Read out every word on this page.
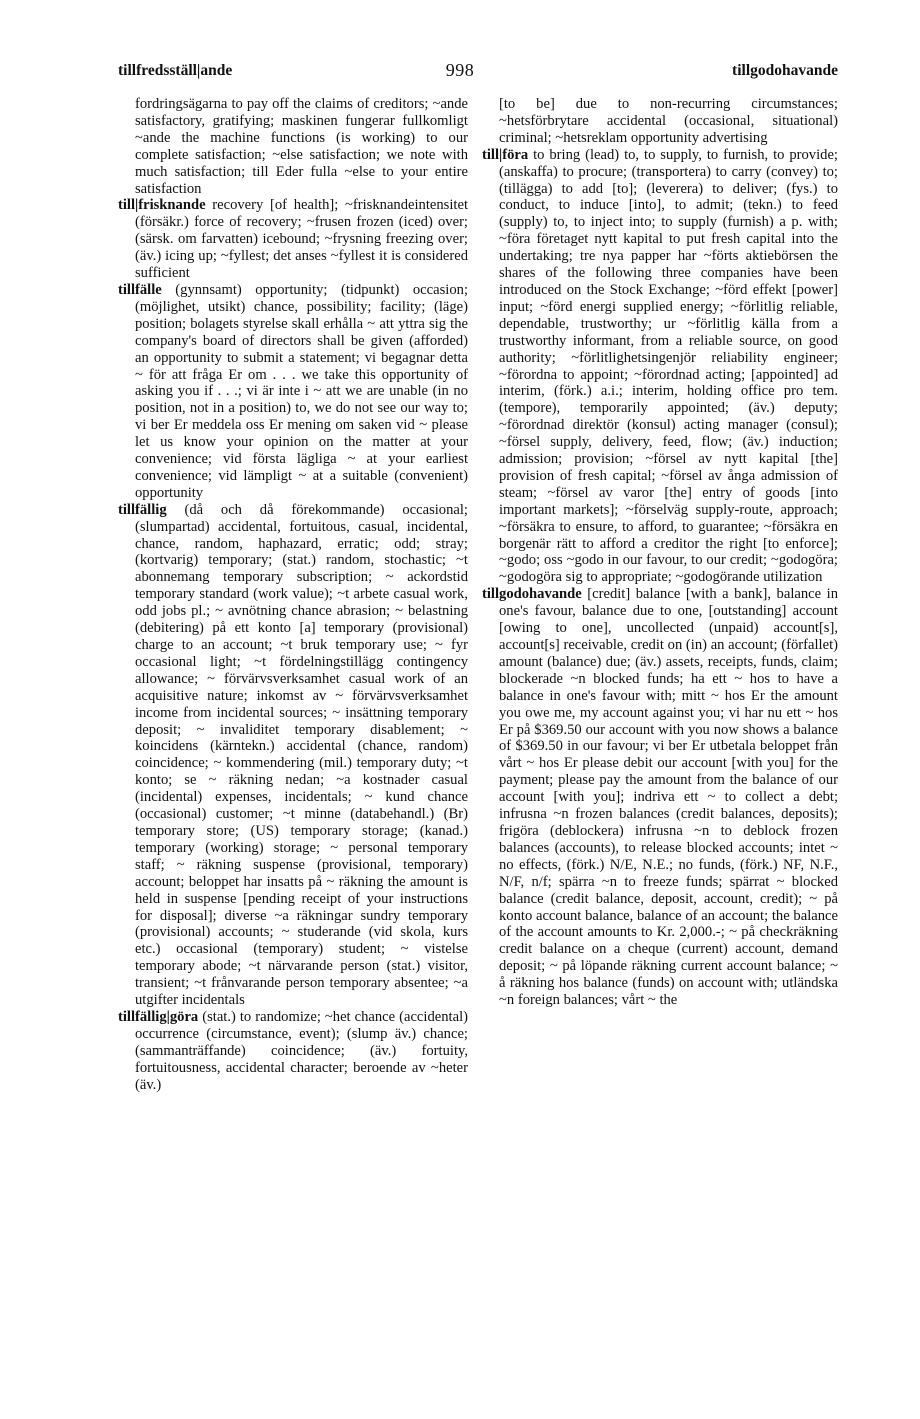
tillfredsställ|ande	998	tillgodohavande

fordringsägarna to pay off the claims of creditors; ~ande satisfactory, gratifying; maskinen fungerar fullkomligt ~ande the machine functions (is working) to our complete satisfaction; ~else satisfaction; we note with much satisfaction; till Eder fulla ~else to your entire satisfaction

till|frisknande recovery [of health]; ~frisknandeintensitet (försäkr.) force of recovery; ~frusen frozen (iced) over; (särsk. om farvatten) icebound; ~frysning freezing over; (äv.) icing up; ~fyllest; det anses ~fyllest it is considered sufficient

tillfälle (gynnsamt) opportunity; (tidpunkt) occasion; (möjlighet, utsikt) chance, possibility; facility; (läge) position; bolagets styrelse skall erhålla ~ att yttra sig the company's board of directors shall be given (afforded) an opportunity to submit a statement; vi begagnar detta ~ för att fråga Er om . . . we take this opportunity of asking you if . . .; vi är inte i ~ att we are unable (in no position, not in a position) to, we do not see our way to; vi ber Er meddela oss Er mening om saken vid ~ please let us know your opinion on the matter at your convenience; vid första lägliga ~ at your earliest convenience; vid lämpligt ~ at a suitable (convenient) opportunity

tillfällig (då och då förekommande) occasional; (slumpartad) accidental, fortuitous, casual, incidental, chance, random, haphazard, erratic; odd; stray; (kortvarig) temporary; (stat.) random, stochastic; ~t abonnemang temporary subscription; ~ ackordstid temporary standard (work value); ~t arbete casual work, odd jobs pl.; ~ avnötning chance abrasion; ~ belastning (debitering) på ett konto [a] temporary (provisional) charge to an account; ~t bruk temporary use; ~ fyr occasional light; ~t fördelningstillägg contingency allowance; ~ förvärvsverksamhet casual work of an acquisitive nature; inkomst av ~ förvärvsverksamhet income from incidental sources; ~ insättning temporary deposit; ~ invaliditet temporary disablement; ~ koincidens (kärntekn.) accidental (chance, random) coincidence; ~ kommendering (mil.) temporary duty; ~t konto; se ~ räkning nedan; ~a kostnader casual (incidental) expenses, incidentals; ~ kund chance (occasional) customer; ~t minne (databehandl.) (Br) temporary store; (US) temporary storage; (kanad.) temporary (working) storage; ~ personal temporary staff; ~ räkning suspense (provisional, temporary) account; beloppet har insatts på ~ räkning the amount is held in suspense [pending receipt of your instructions for disposal]; diverse ~a räkningar sundry temporary (provisional) accounts; ~ studerande (vid skola, kurs etc.) occasional (temporary) student; ~ vistelse temporary abode; ~t närvarande person (stat.) visitor, transient; ~t frånvarande person temporary absentee; ~a utgifter incidentals

tillfällig|göra (stat.) to randomize; ~het chance (accidental) occurrence (circumstance, event); (slump äv.) chance; (sammanträffande) coincidence; (äv.) fortuity, fortuitousness, accidental character; beroende av ~heter (äv.)

[to be] due to non-recurring circumstances; ~hetsförbrytare accidental (occasional, situational) criminal; ~hetsreklam opportunity advertising

till|föra to bring (lead) to, to supply, to furnish, to provide; (anskaffa) to procure; (transportera) to carry (convey) to; (tillägga) to add [to]; (leverera) to deliver; (fys.) to conduct, to induce [into], to admit; (tekn.) to feed (supply) to, to inject into; to supply (furnish) a p. with; ~föra företaget nytt kapital to put fresh capital into the undertaking; tre nya papper har ~förts aktiebörsen the shares of the following three companies have been introduced on the Stock Exchange; ~förd effekt [power] input; ~förd energi supplied energy; ~förlitlig reliable, dependable, trustworthy; ur ~förlitlig källa from a trustworthy informant, from a reliable source, on good authority; ~förlitlighetsingenjör reliability engineer; ~förordna to appoint; ~förordnad acting; [appointed] ad interim, (förk.) a.i.; interim, holding office pro tem. (tempore), temporarily appointed; (äv.) deputy; ~förordnad direktör (konsul) acting manager (consul); ~försel supply, delivery, feed, flow; (äv.) induction; admission; provision; ~försel av nytt kapital [the] provision of fresh capital; ~försel av ånga admission of steam; ~försel av varor [the] entry of goods [into important markets]; ~förselväg supply-route, approach; ~försäkra to ensure, to afford, to guarantee; ~försäkra en borgenär rätt to afford a creditor the right [to enforce]; ~godo; oss ~godo in our favour, to our credit; ~godogöra; ~godogöra sig to appropriate; ~godogörande utilization

tillgodohavande [credit] balance [with a bank], balance in one's favour, balance due to one, [outstanding] account [owing to one], uncollected (unpaid) account[s], account[s] receivable, credit on (in) an account; (förfallet) amount (balance) due; (äv.) assets, receipts, funds, claim; blockerade ~n blocked funds; ha ett ~ hos to have a balance in one's favour with; mitt ~ hos Er the amount you owe me, my account against you; vi har nu ett ~ hos Er på $369.50 our account with you now shows a balance of $369.50 in our favour; vi ber Er utbetala beloppet från vårt ~ hos Er please debit our account [with you] for the payment; please pay the amount from the balance of our account [with you]; indriva ett ~ to collect a debt; infrusna ~n frozen balances (credit balances, deposits); frigöra (deblockera) infrusna ~n to deblock frozen balances (accounts), to release blocked accounts; intet ~ no effects, (förk.) N/E, N.E.; no funds, (förk.) NF, N.F., N/F, n/f; spärra ~n to freeze funds; spärrat ~ blocked balance (credit balance, deposit, account, credit); ~ på konto account balance, balance of an account; the balance of the account amounts to Kr. 2,000.-; ~ på checkräkning credit balance on a cheque (current) account, demand deposit; ~ på löpande räkning current account balance; ~ å räkning hos balance (funds) on account with; utländska ~n foreign balances; vårt ~ the
